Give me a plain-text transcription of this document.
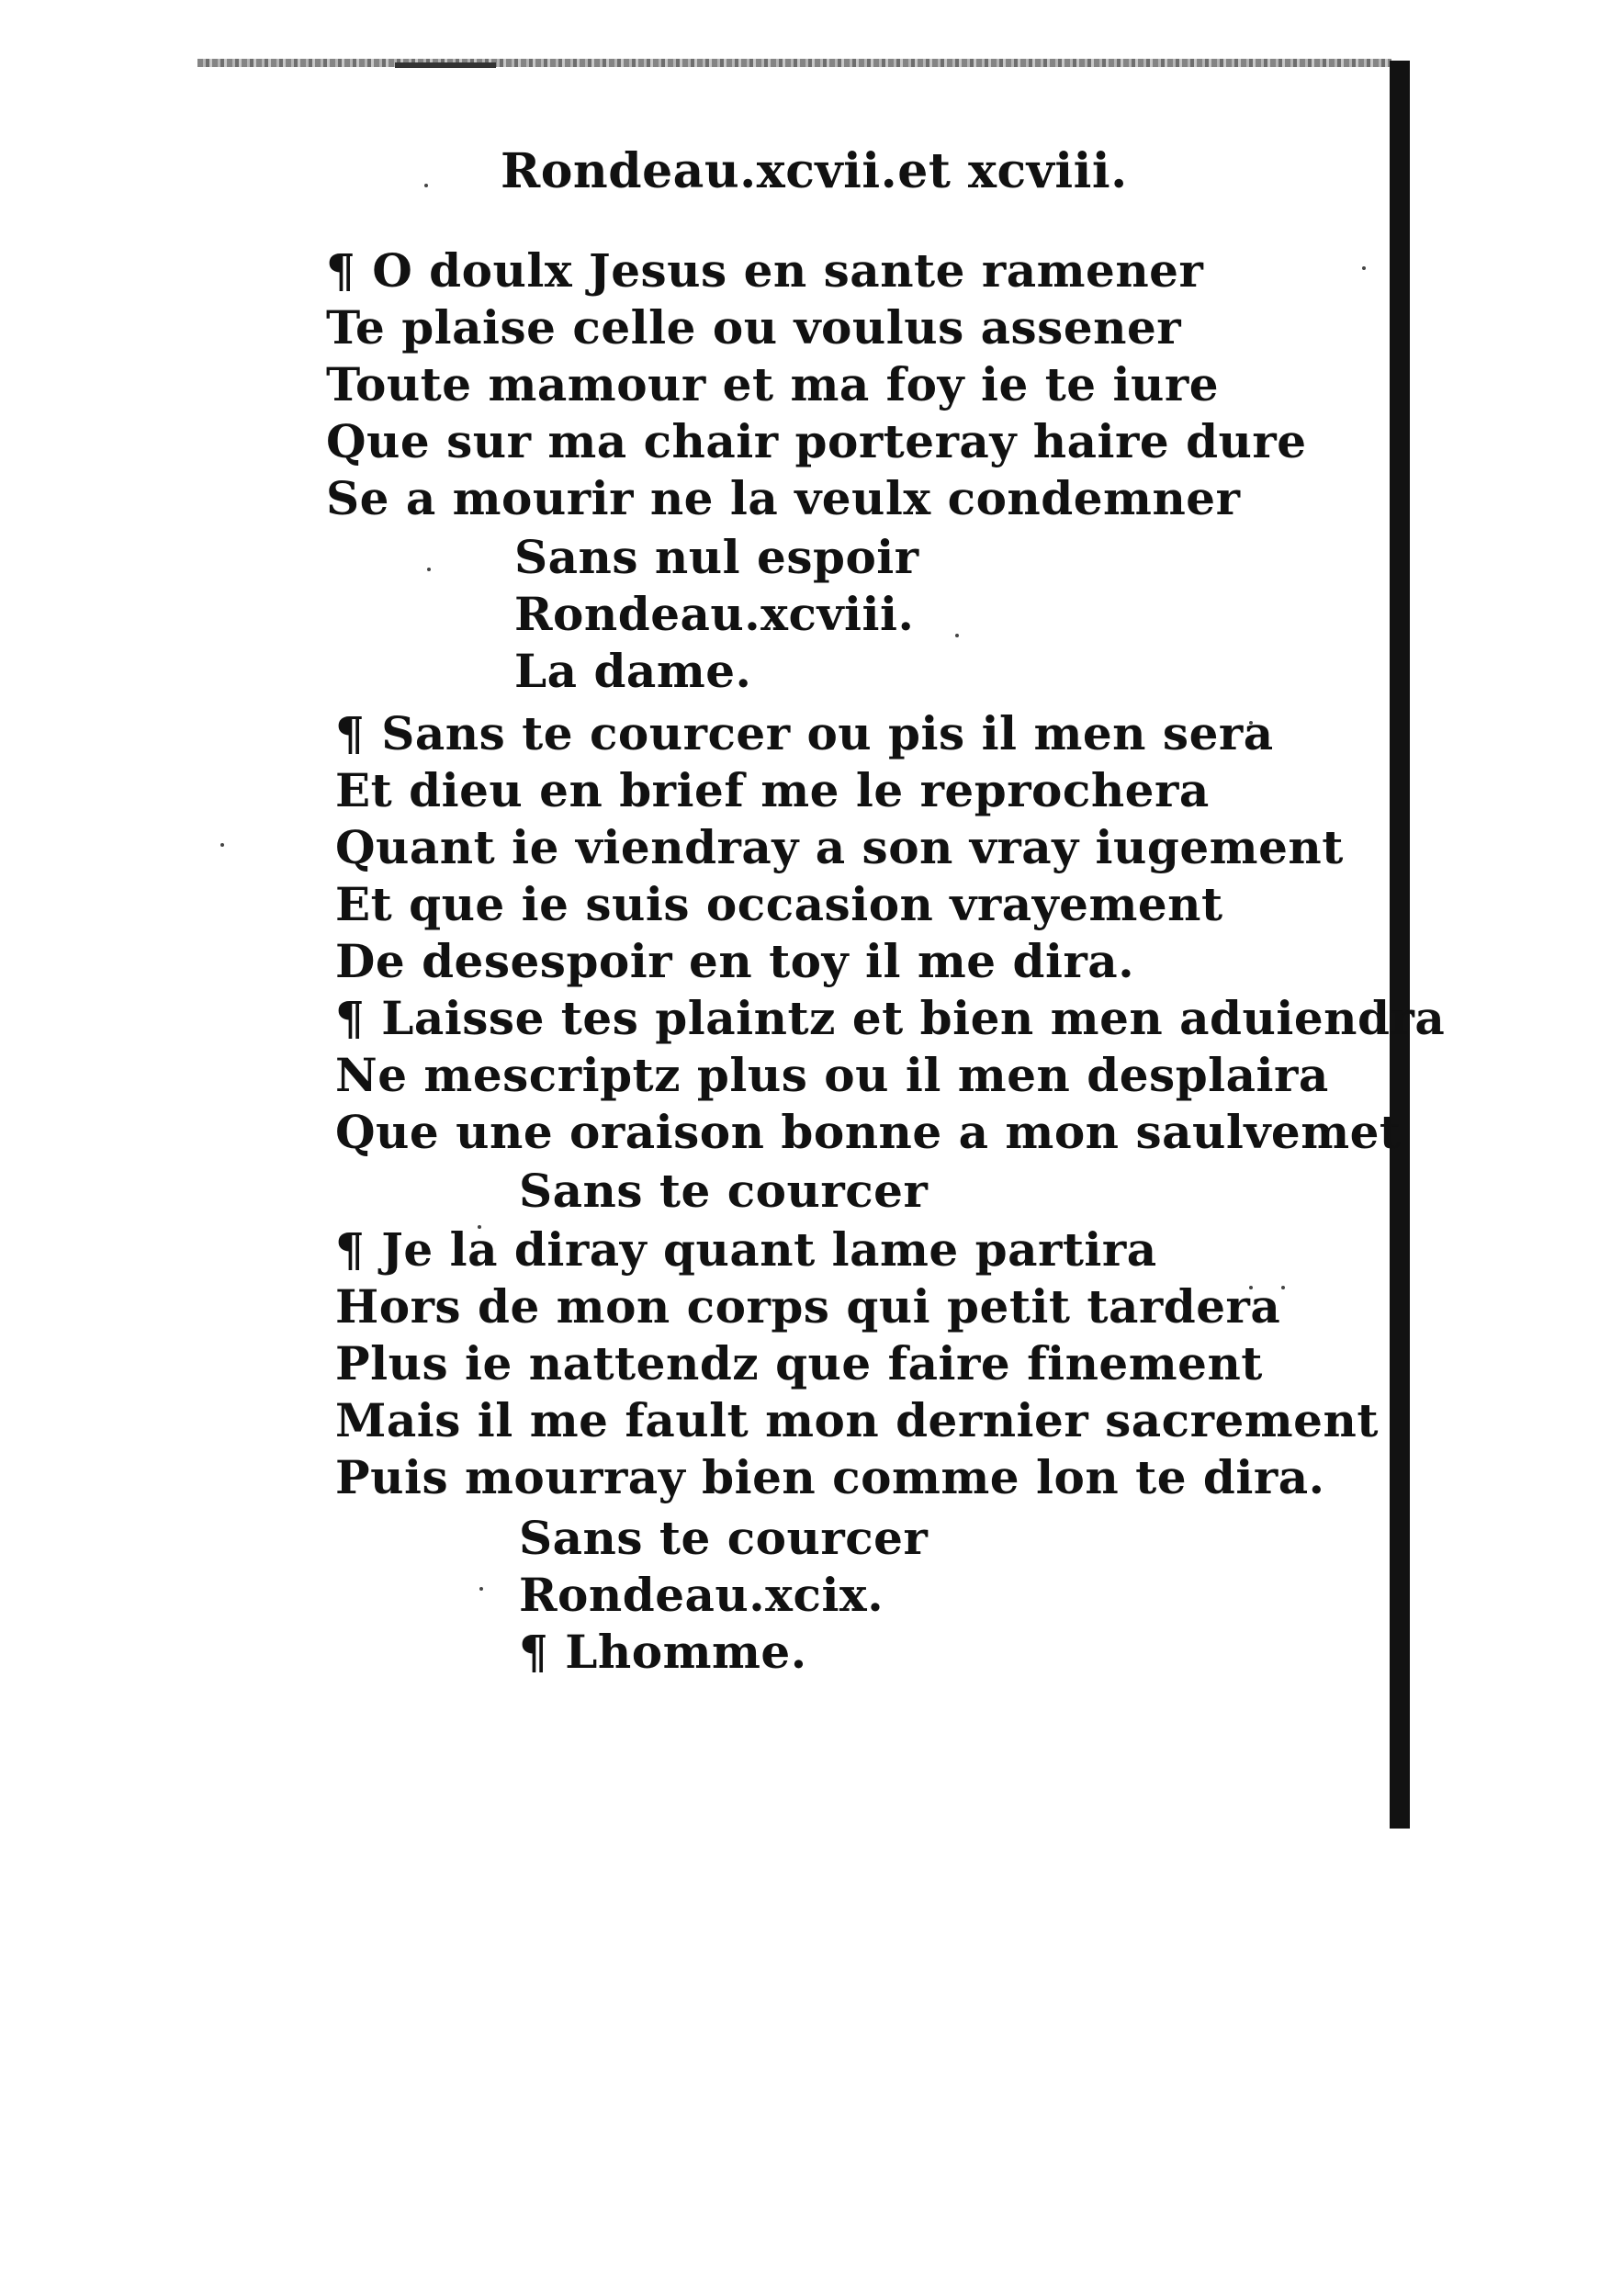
Rondeau.xcvii.et xcviii.
¶ O doulx Jesus en sante ramener
Te plaise celle ou voulus assener
Toute mamour et ma foy ie te iure
Que sur ma chair porteray haire dure
Se a mourir ne la veulx condemner
Sans nul espoir
Rondeau.xcviii.
La dame.
¶ Sans te courcer ou pis il men sera
Et dieu en brief me le reprochera
Quant ie viendray a son vray iugement
Et que ie suis occasion vrayement
De desespoir en toy il me dira.
¶ Laisse tes plaintz et bien men aduiendra
Ne mescriptz plus ou il men desplaira
Que une oraison bonne a mon saulvemet
Sans te courcer
¶ Je la diray quant lame partira
Hors de mon corps qui petit tardera
Plus ie nattendz que faire finement
Mais il me fault mon dernier sacrement
Puis mourray bien comme lon te dira.
Sans te courcer
Rondeau.xcix.
¶ Lhomme.
